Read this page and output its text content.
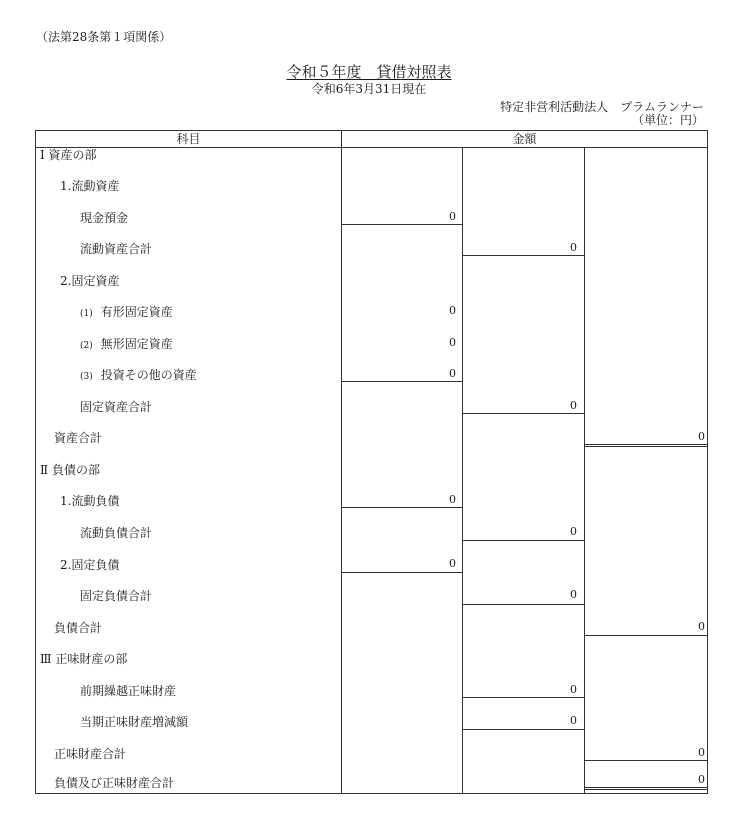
（法第28条第１項関係）
令和５年度　貸借対照表
令和6年3月31日現在
特定非営利活動法人　プラムランナー
（単位：円）
科目	金額
Ⅰ 資産の部
1.流動資産
現金預金	0
流動資産合計	0
2.固定資産
(1) 有形固定資産	0
(2) 無形固定資産	0
(3) 投資その他の資産	0
固定資産合計	0
資産合計	0
Ⅱ 負債の部
1.流動負債	0
流動負債合計	0
2.固定負債	0
固定負債合計	0
負債合計	0
Ⅲ 正味財産の部
前期繰越正味財産	0
当期正味財産増減額	0
正味財産合計	0
負債及び正味財産合計	0
